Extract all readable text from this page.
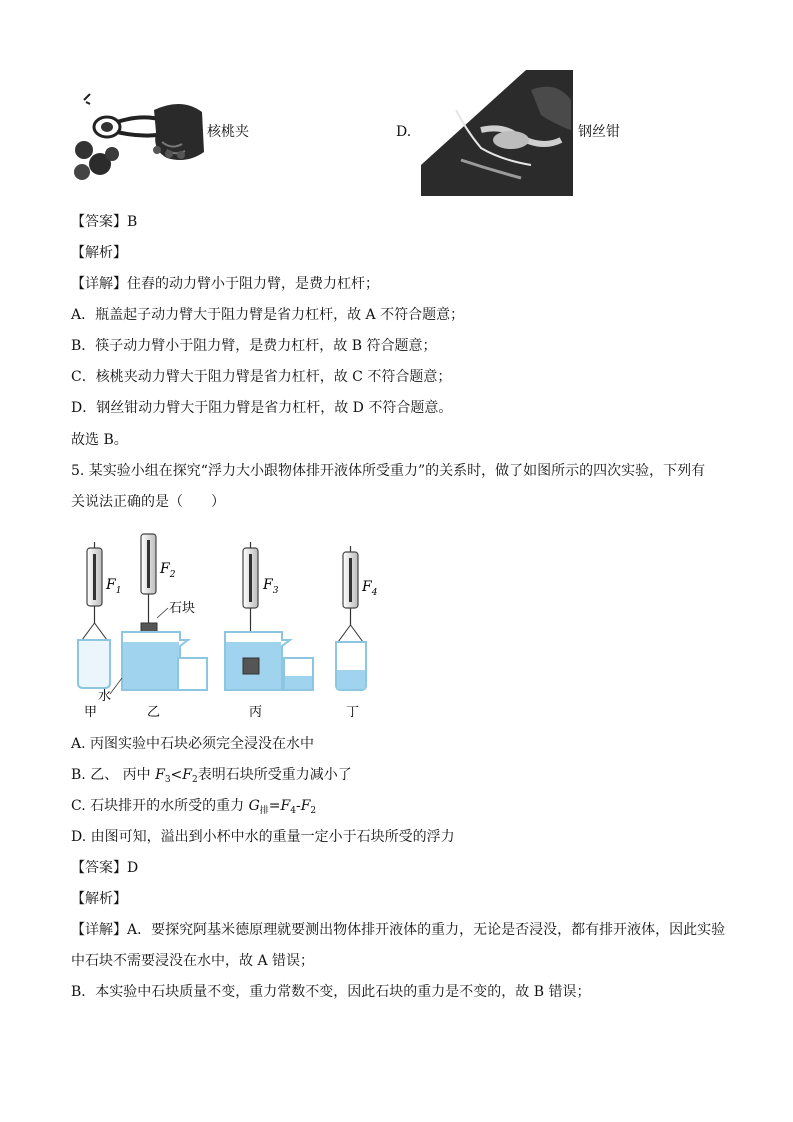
核桃夹	D.	钢丝钳
【答案】B
【解析】
【详解】住舂的动力臂小于阻力臂，是费力杠杆；
A．瓶盖起子动力臂大于阻力臂是省力杠杆，故 A 不符合题意；
B．筷子动力臂小于阻力臂，是费力杠杆，故 B 符合题意；
C．核桃夹动力臂大于阻力臂是省力杠杆，故 C 不符合题意；
D．钢丝钳动力臂大于阻力臂是省力杠杆，故 D 不符合题意。
故选 B。
5. 某实验小组在探究“浮力大小跟物体排开液体所受重力”的关系时，做了如图所示的四次实验，下列有
关说法正确的是（　　）
$F_1$
$F_2$
石块
水
$F_3$	$F_4$
甲	乙	丙	丁
A. 丙图实验中石块必须完全浸没在水中
B. 乙、 丙中 $F_3<F_2$表明石块所受重力减小了
C. 石块排开的水所受的重力 $G_排=F_4-F_2$
D. 由图可知，溢出到小杯中水的重量一定小于石块所受的浮力
【答案】D
【解析】
【详解】A．要探究阿基米德原理就要测出物体排开液体的重力，无论是否浸没，都有排开液体，因此实验
中石块不需要浸没在水中，故 A 错误；
B．本实验中石块质量不变，重力常数不变，因此石块的重力是不变的，故 B 错误；
